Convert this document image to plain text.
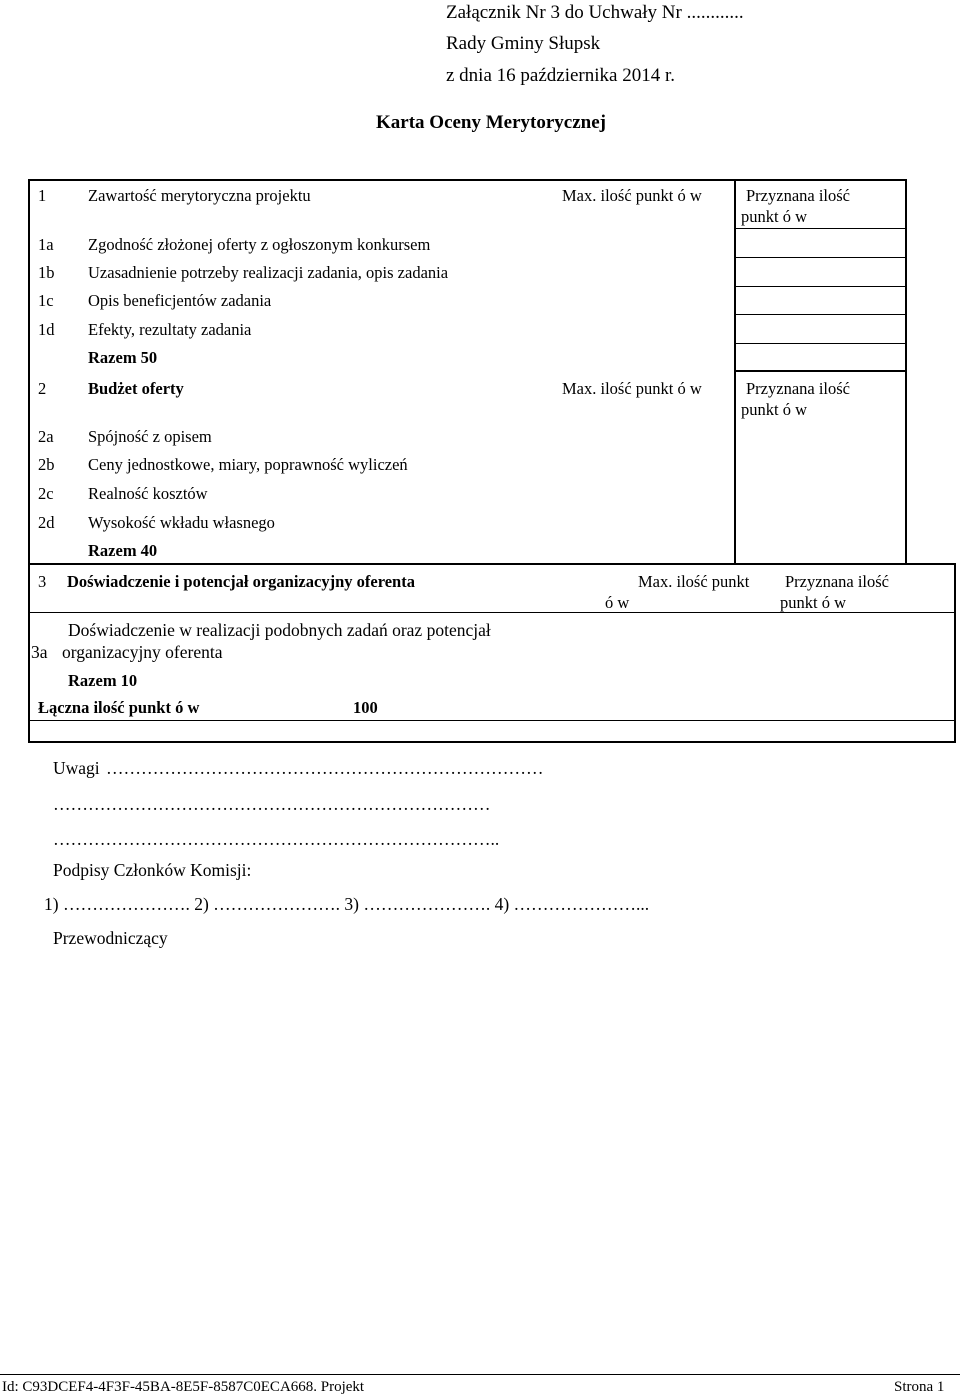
Załącznik Nr 3 do Uchwały Nr ............
Rady Gminy Słupsk
z dnia 16 października 2014 r.
Karta Oceny Merytorycznej
1	Zawartość merytoryczna projektu	Max. ilość punkt ó w	Przyznana ilość
punkt ó w
1a Zgodność złożonej oferty z ogłoszonym konkursem
1b Uzasadnienie potrzeby realizacji zadania, opis zadania
1c Opis beneficjentów zadania
1d Efekty, rezultaty zadania
Razem 50
2	Budżet oferty	Max. ilość punkt ó w	Przyznana ilość
punkt ó w
2a Spójność z opisem
2b Ceny jednostkowe, miary, poprawność wyliczeń
2c Realność kosztów
2d Wysokość wkładu własnego
Razem 40
3 Doświadczenie i potencjał organizacyjny oferenta	Max. ilość punkt
ó w
Przyznana ilość
punkt ó w
Doświadczenie w realizacji podobnych zadań oraz potencjał
3a organizacyjny oferenta
Razem 10
Łączna ilość punkt ó w	100
Uwagi …………………………………………………………………
…………………………………………………………………
…………………………………………………………………..
Podpisy Członków Komisji:
1) …………………. 2) …………………. 3) …………………. 4) …………………...
Przewodniczący
Id: C93DCEF4-4F3F-45BA-8E5F-8587C0ECA668. Projekt	Strona 1
